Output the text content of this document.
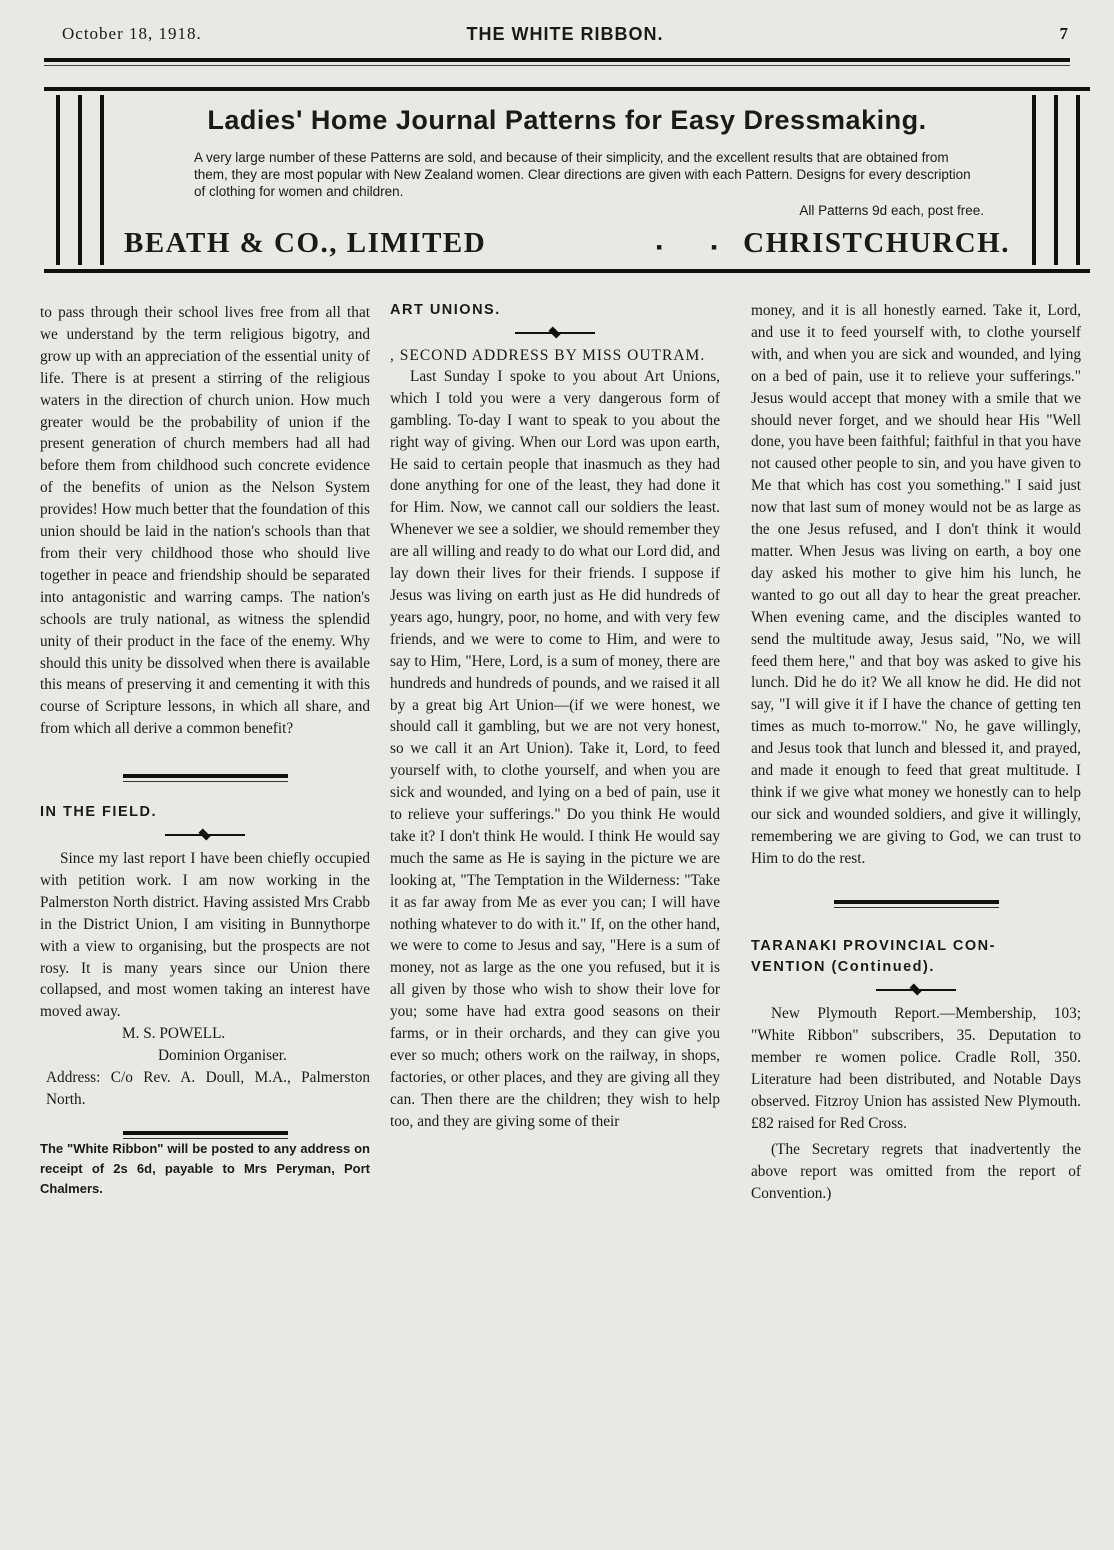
October 18, 1918.	THE WHITE RIBBON.	7
Ladies' Home Journal Patterns for Easy Dressmaking.
A very large number of these Patterns are sold, and because of their simplicity, and the excellent results that are obtained from them, they are most popular with New Zealand women. Clear directions are given with each Pattern. Designs for every description of clothing for women and children.
All Patterns 9d each, post free.
BEATH & CO., LIMITED	▪ ▪ CHRISTCHURCH.

to pass through their school lives free from all that we understand by the term religious bigotry, and grow up with an appreciation of the essential unity of life. There is at present a stirring of the religious waters in the direction of church union. How much greater would be the probability of union if the present generation of church members had all had before them from childhood such concrete evidence of the benefits of union as the Nelson System provides! How much better that the foundation of this union should be laid in the nation's schools than that from their very childhood those who should live together in peace and friendship should be separated into antagonistic and warring camps. The nation's schools are truly national, as witness the splendid unity of their product in the face of the enemy. Why should this unity be dissolved when there is available this means of preserving it and cementing it with this course of Scripture lessons, in which all share, and from which all derive a common benefit?

IN THE FIELD.

Since my last report I have been chiefly occupied with petition work. I am now working in the Palmerston North district. Having assisted Mrs Crabb in the District Union, I am visiting in Bunnythorpe with a view to organising, but the prospects are not rosy. It is many years since our Union there collapsed, and most women taking an interest have moved away.

M. S. POWELL.

Dominion Organiser.

Address: C/o Rev. A. Doull, M.A., Palmerston North.

The "White Ribbon" will be posted to any address on receipt of 2s 6d, payable to Mrs Peryman, Port Chalmers.

ART UNIONS.

, SECOND ADDRESS BY MISS OUTRAM.

Last Sunday I spoke to you about Art Unions, which I told you were a very dangerous form of gambling. To-day I want to speak to you about the right way of giving. When our Lord was upon earth, He said to certain people that inasmuch as they had done anything for one of the least, they had done it for Him. Now, we cannot call our soldiers the least. Whenever we see a soldier, we should remember they are all willing and ready to do what our Lord did, and lay down their lives for their friends. I suppose if Jesus was living on earth just as He did hundreds of years ago, hungry, poor, no home, and with very few friends, and we were to come to Him, and were to say to Him, "Here, Lord, is a sum of money, there are hundreds and hundreds of pounds, and we raised it all by a great big Art Union—(if we were honest, we should call it gambling, but we are not very honest, so we call it an Art Union). Take it, Lord, to feed yourself with, to clothe yourself, and when you are sick and wounded, and lying on a bed of pain, use it to relieve your sufferings." Do you think He would take it? I don't think He would. I think He would say much the same as He is saying in the picture we are looking at, "The Temptation in the Wilderness: "Take it as far away from Me as ever you can; I will have nothing whatever to do with it." If, on the other hand, we were to come to Jesus and say, "Here is a sum of money, not as large as the one you refused, but it is all given by those who wish to show their love for you; some have had extra good seasons on their farms, or in their orchards, and they can give you ever so much; others work on the railway, in shops, factories, or other places, and they are giving all they can. Then there are the children; they wish to help too, and they are giving some of their

money, and it is all honestly earned. Take it, Lord, and use it to feed yourself with, to clothe yourself with, and when you are sick and wounded, and lying on a bed of pain, use it to relieve your sufferings." Jesus would accept that money with a smile that we should never forget, and we should hear His "Well done, you have been faithful; faithful in that you have not caused other people to sin, and you have given to Me that which has cost you something." I said just now that last sum of money would not be as large as the one Jesus refused, and I don't think it would matter. When Jesus was living on earth, a boy one day asked his mother to give him his lunch, he wanted to go out all day to hear the great preacher. When evening came, and the disciples wanted to send the multitude away, Jesus said, "No, we will feed them here," and that boy was asked to give his lunch. Did he do it? We all know he did. He did not say, "I will give it if I have the chance of getting ten times as much to-morrow." No, he gave willingly, and Jesus took that lunch and blessed it, and prayed, and made it enough to feed that great multitude. I think if we give what money we honestly can to help our sick and wounded soldiers, and give it willingly, remembering we are giving to God, we can trust to Him to do the rest.

TARANAKI PROVINCIAL CON-

VENTION (Continued).

New Plymouth Report.—Membership, 103; "White Ribbon" subscribers, 35. Deputation to member re women police. Cradle Roll, 350. Literature had been distributed, and Notable Days observed. Fitzroy Union has assisted New Plymouth. £82 raised for Red Cross.

(The Secretary regrets that inadvertently the above report was omitted from the report of Convention.)
